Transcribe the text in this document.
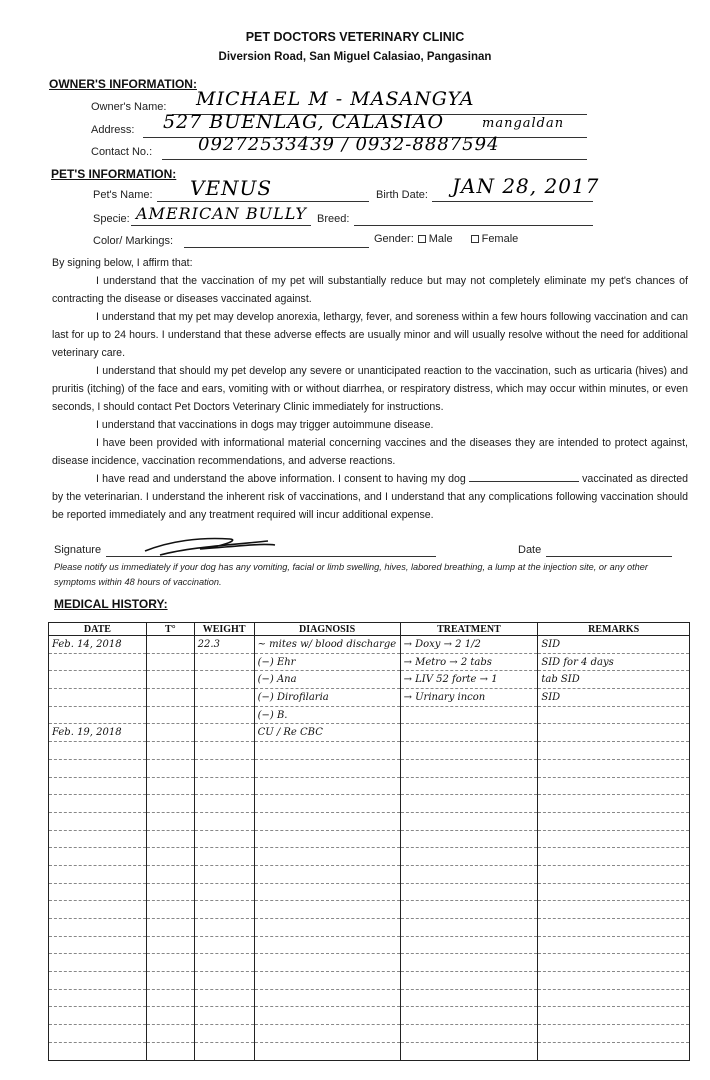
PET DOCTORS VETERINARY CLINIC
Diversion Road, San Miguel Calasiao, Pangasinan
OWNER'S INFORMATION:
Owner's Name: MICHAEL M - MASANGYA
Address: 527 BUENLAG, CALASIAO	mangaldan
Contact No.:	09272533439 / 0932-8887594
PET'S INFORMATION:
Pet's Name: VENUS	Birth Date: JAN 28, 2017
Specie: AMERICAN BULLY Breed:
Color/ Markings:	Gender: Male	Female
By signing below, I affirm that:
I understand that the vaccination of my pet will substantially reduce but may not completely eliminate my pet's chances of contracting the disease or diseases vaccinated against.
I understand that my pet may develop anorexia, lethargy, fever, and soreness within a few hours following vaccination and can last for up to 24 hours. I understand that these adverse effects are usually minor and will usually resolve without the need for additional veterinary care.
I understand that should my pet develop any severe or unanticipated reaction to the vaccination, such as urticaria (hives) and pruritis (itching) of the face and ears, vomiting with or without diarrhea, or respiratory distress, which may occur within minutes, or even seconds, I should contact Pet Doctors Veterinary Clinic immediately for instructions.
I understand that vaccinations in dogs may trigger autoimmune disease.
I have been provided with informational material concerning vaccines and the diseases they are intended to protect against, disease incidence, vaccination recommendations, and adverse reactions.
I have read and understand the above information. I consent to having my dog	vaccinated as directed by the veterinarian. I understand the inherent risk of vaccinations, and I understand that any complications following vaccination should be reported immediately and any treatment required will incur additional expense.
Signature	Date
Please notify us immediately if your dog has any vomiting, facial or limb swelling, hives, labored breathing, a lump at the injection site, or any other symptoms within 48 hours of vaccination.
MEDICAL HISTORY:
DATE	T°	WEIGHT	DIAGNOSIS	TREATMENT	REMARKS
Feb. 14, 2018		22.3	~ mites w/ blood discharge	→ Doxy → 2 1/2	SID
			(−) Ehr	→ Metro → 2 tabs	SID for 4 days
			(−) Ana	→ LIV 52 forte → 1	tab SID
			(−) Dirofilaria	→ Urinary incon	SID
			(−) B.		
Feb. 19, 2018			CU / Re CBC		
